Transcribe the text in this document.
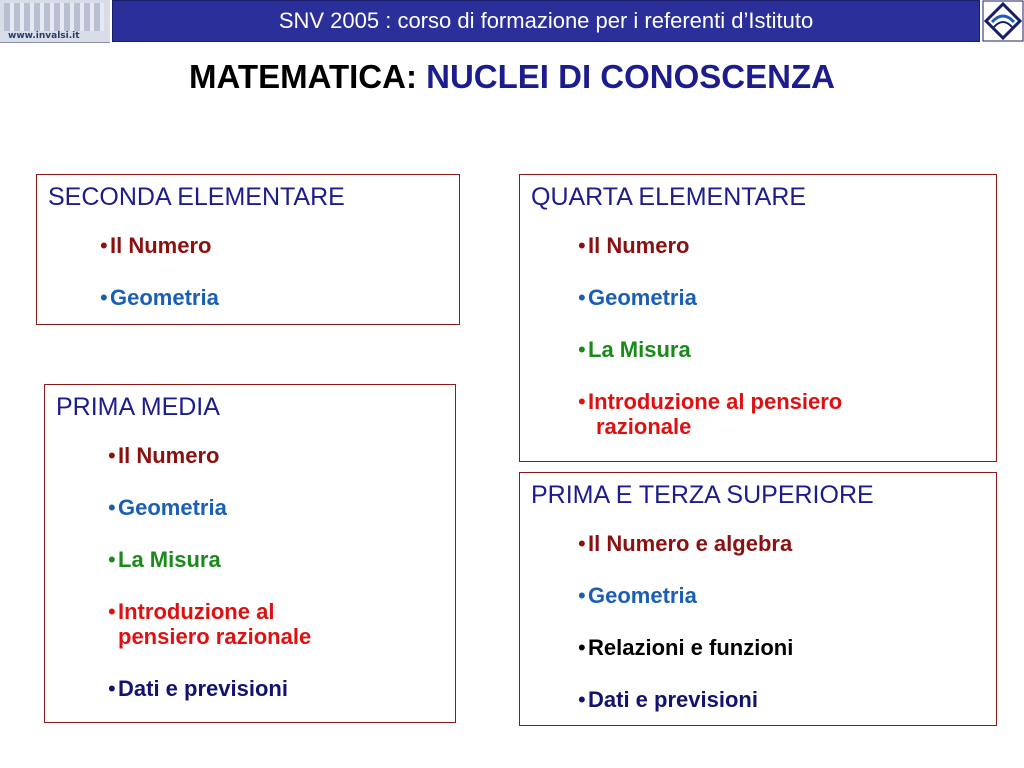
www.invalsi.it
SNV 2005 : corso di formazione per i referenti d’Istituto
MATEMATICA: NUCLEI DI CONOSCENZA
SECONDA ELEMENTARE
• Il Numero
• Geometria
QUARTA ELEMENTARE
• Il Numero
• Geometria
• La Misura
• Introduzione al pensiero
razionale
PRIMA MEDIA
• Il Numero
• Geometria
• La Misura
• Introduzione al
pensiero razionale
• Dati e previsioni
PRIMA E TERZA SUPERIORE
• Il Numero e algebra
• Geometria
• Relazioni e funzioni
• Dati e previsioni
